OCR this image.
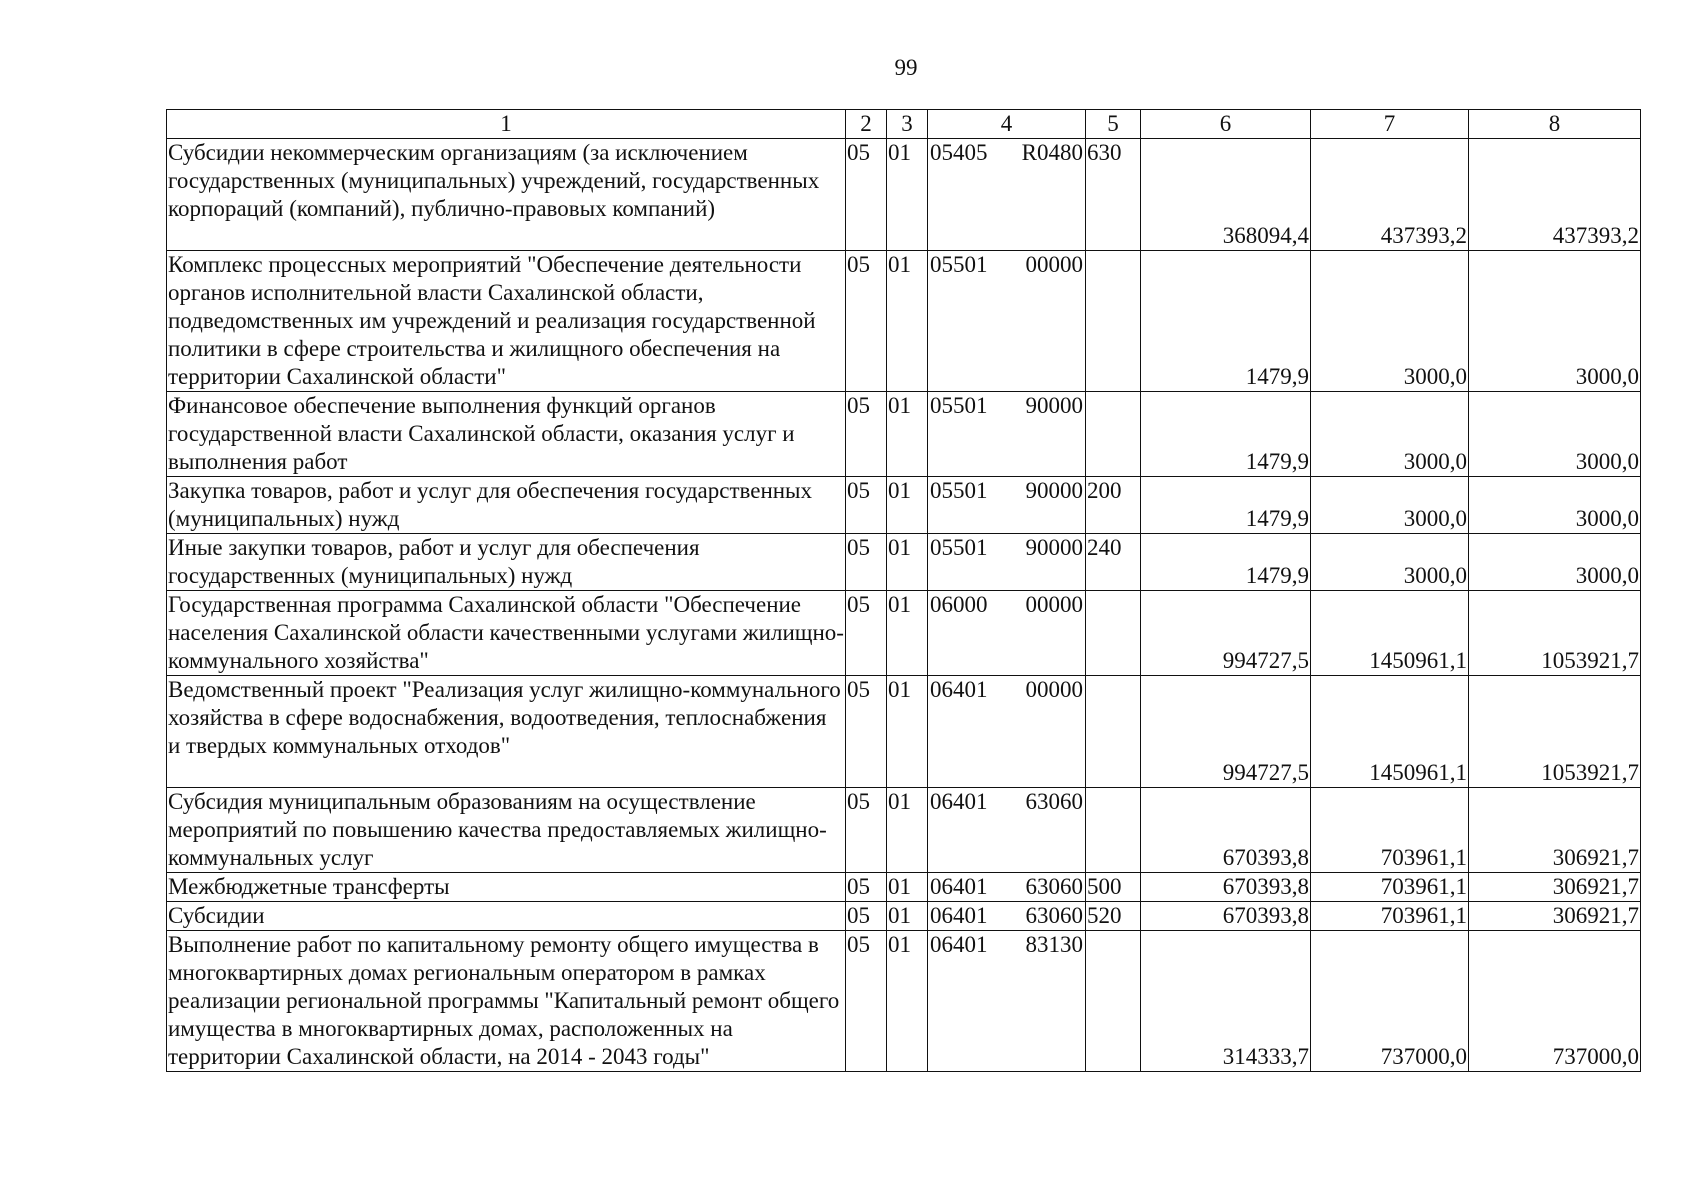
99
1	2	3	4	5	6	7	8
Субсидии некоммерческим организациям (за исключением государственных (муниципальных) учреждений, государственных корпораций (компаний), публично-правовых компаний)	05	01	05405 R0480	630	368094,4	437393,2	437393,2
Комплекс процессных мероприятий "Обеспечение деятельности органов исполнительной власти Сахалинской области, подведомственных им учреждений и реализация государственной политики в сфере строительства и жилищного обеспечения на территории Сахалинской области"	05	01	05501 00000		1479,9	3000,0	3000,0
Финансовое обеспечение выполнения функций органов государственной власти Сахалинской области, оказания услуг и выполнения работ	05	01	05501 90000		1479,9	3000,0	3000,0
Закупка товаров, работ и услуг для обеспечения государственных (муниципальных) нужд	05	01	05501 90000	200	1479,9	3000,0	3000,0
Иные закупки товаров, работ и услуг для обеспечения государственных (муниципальных) нужд	05	01	05501 90000	240	1479,9	3000,0	3000,0
Государственная программа Сахалинской области "Обеспечение населения Сахалинской области качественными услугами жилищно-коммунального хозяйства"	05	01	06000 00000		994727,5	1450961,1	1053921,7
Ведомственный проект "Реализация услуг жилищно-коммунального хозяйства в сфере водоснабжения, водоотведения, теплоснабжения и твердых коммунальных отходов"	05	01	06401 00000		994727,5	1450961,1	1053921,7
Субсидия муниципальным образованиям на осуществление мероприятий по повышению качества предоставляемых жилищно-коммунальных услуг	05	01	06401 63060		670393,8	703961,1	306921,7
Межбюджетные трансферты	05	01	06401 63060	500	670393,8	703961,1	306921,7
Субсидии	05	01	06401 63060	520	670393,8	703961,1	306921,7
Выполнение работ по капитальному ремонту общего имущества в многоквартирных домах региональным оператором в рамках реализации региональной программы "Капитальный ремонт общего имущества в многоквартирных домах, расположенных на территории Сахалинской области, на 2014 - 2043 годы"	05	01	06401 83130		314333,7	737000,0	737000,0
